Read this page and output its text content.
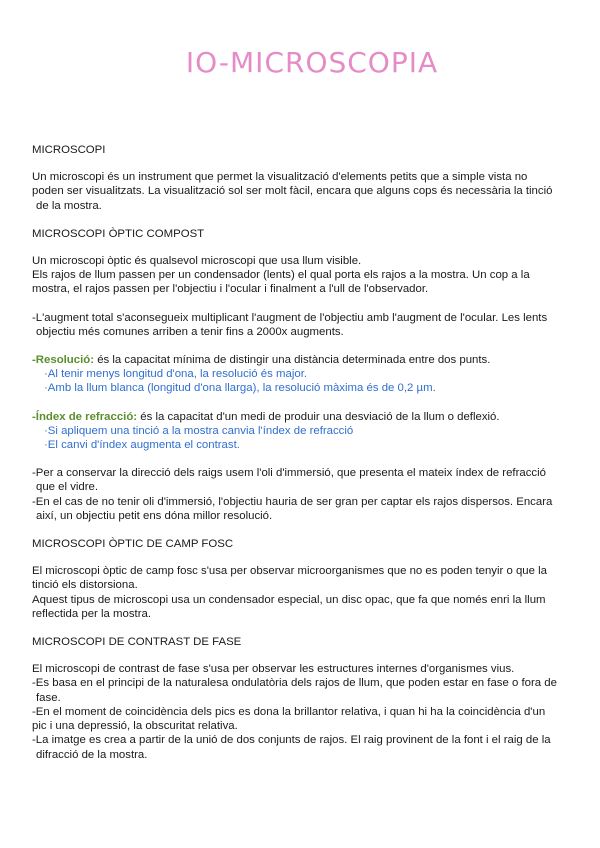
IO-MICROSCOPIA

MICROSCOPI

Un microscopi és un instrument que permet la visualització d'elements petits que a simple vista no

poden ser visualitzats. La visualització sol ser molt fàcil, encara que alguns cops és necessària la tinció

de la mostra.

MICROSCOPI ÒPTIC COMPOST

Un microscopi òptic és qualsevol microscopi que usa llum visible.

Els rajos de llum passen per un condensador (lents) el qual porta els rajos a la mostra. Un cop a la

mostra, el rajos passen per l'objectiu i l'ocular i finalment a l'ull de l'observador.

-L'augment total s'aconsegueix multiplicant l'augment de l'objectiu amb l'augment de l'ocular. Les lents

objectiu més comunes arriben a tenir fins a 2000x augments.

-Resolució: és la capacitat mínima de distingir una distància determinada entre dos punts.

·Al tenir menys longitud d'ona, la resolució és major.

·Amb la llum blanca (longitud d'ona llarga), la resolució màxima és de 0,2 µm.

-Índex de refracció: és la capacitat d'un medi de produir una desviació de la llum o deflexió.

·Si apliquem una tinció a la mostra canvia l'índex de refracció

·El canvi d'índex augmenta el contrast.

-Per a conservar la direcció dels raigs usem l'oli d'immersió, que presenta el mateix índex de refracció

que el vidre.

-En el cas de no tenir oli d'immersió, l'objectiu hauria de ser gran per captar els rajos dispersos. Encara

així, un objectiu petit ens dóna millor resolució.

MICROSCOPI ÒPTIC DE CAMP FOSC

El microscopi òptic de camp fosc s'usa per observar microorganismes que no es poden tenyir o que la

tinció els distorsiona.

Aquest tipus de microscopi usa un condensador especial, un disc opac, que fa que només enri la llum

reflectida per la mostra.

MICROSCOPI DE CONTRAST DE FASE

El microscopi de contrast de fase s'usa per observar les estructures internes d'organismes vius.

-Es basa en el principi de la naturalesa ondulatòria dels rajos de llum, que poden estar en fase o fora de

fase.

-En el moment de coincidència dels pics es dona la brillantor relativa, i quan hi ha la coincidència d'un

pic i una depressió, la obscuritat relativa.

-La imatge es crea a partir de la unió de dos conjunts de rajos. El raig provinent de la font i el raig de la

difracció de la mostra.
